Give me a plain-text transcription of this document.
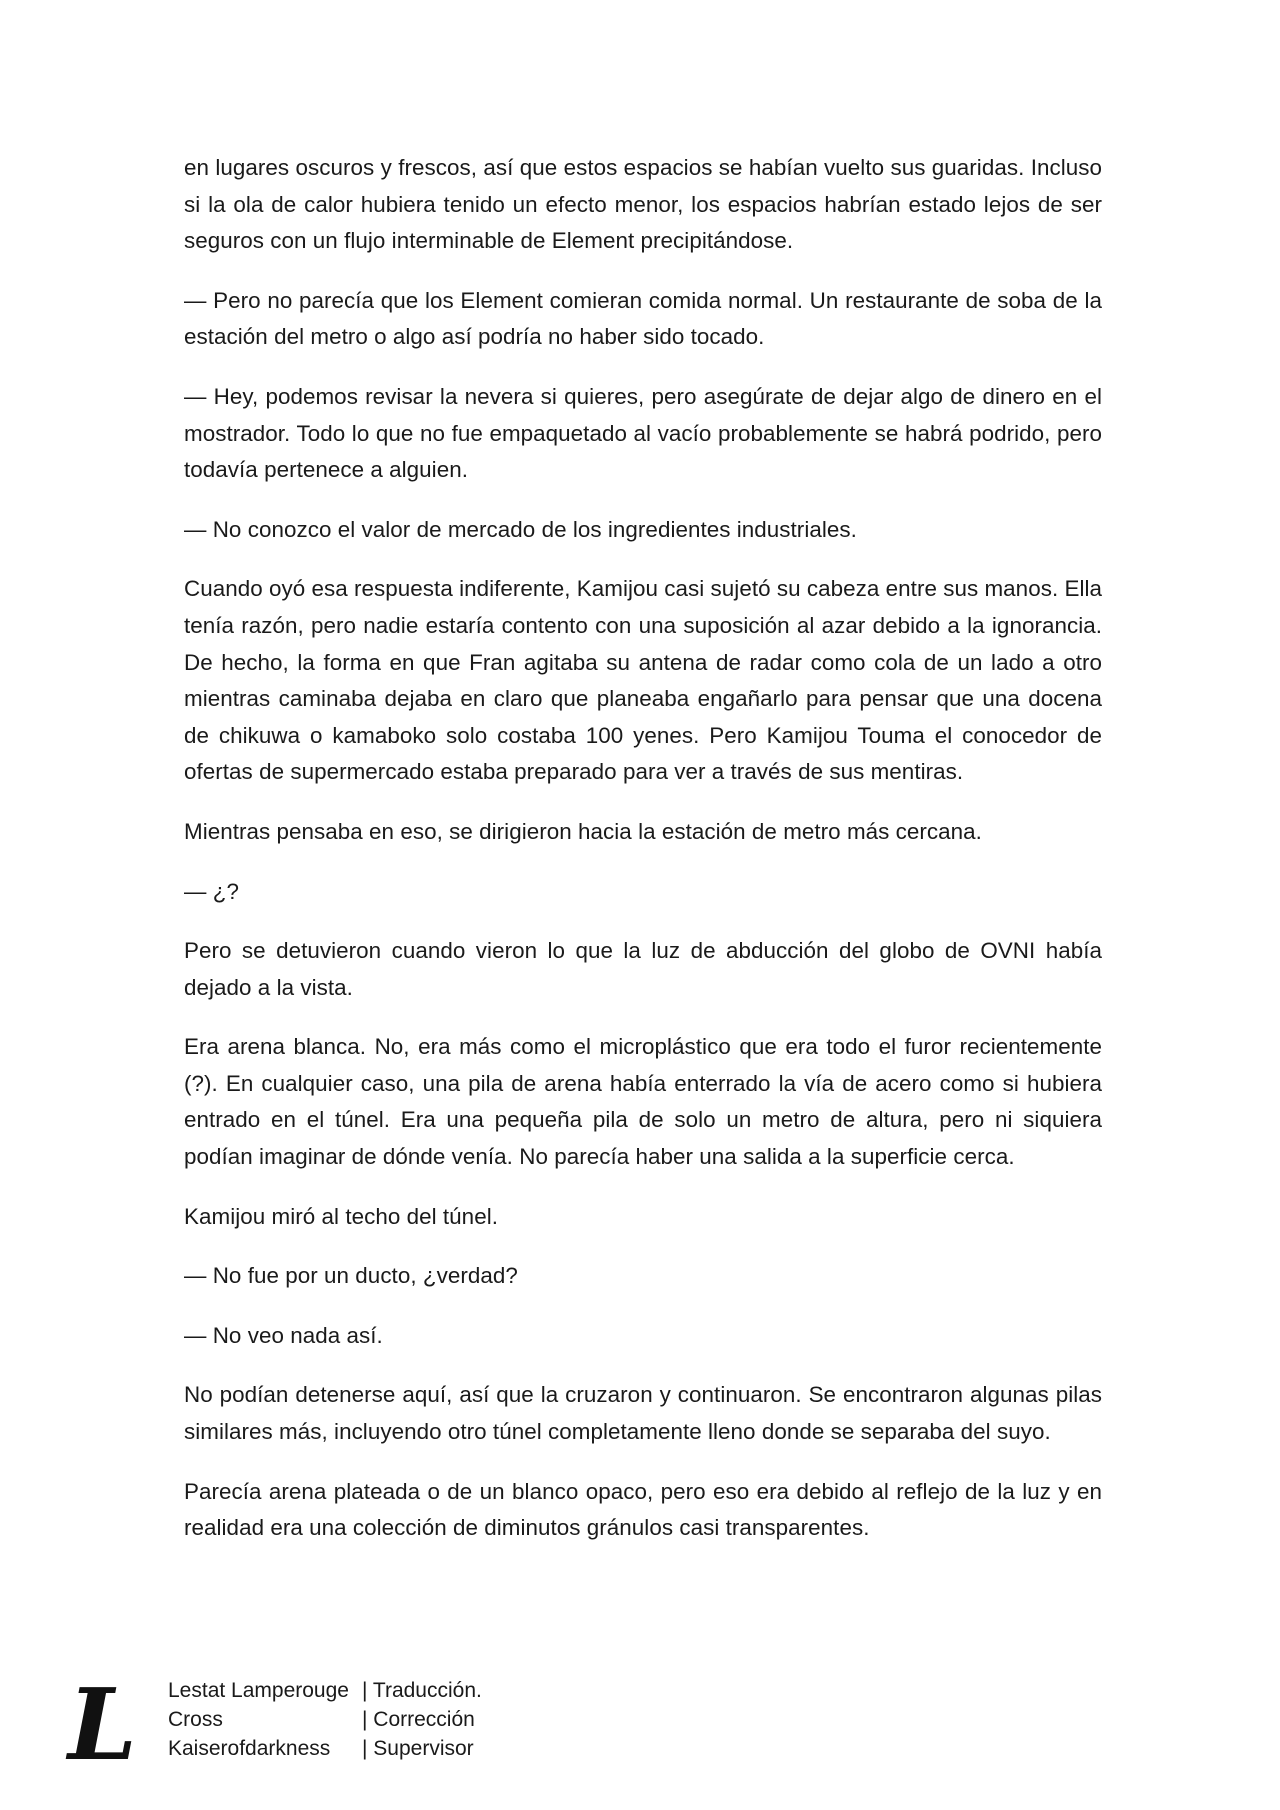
en lugares oscuros y frescos, así que estos espacios se habían vuelto sus guaridas. Incluso si la ola de calor hubiera tenido un efecto menor, los espacios habrían estado lejos de ser seguros con un flujo interminable de Element precipitándose.

— Pero no parecía que los Element comieran comida normal. Un restaurante de soba de la estación del metro o algo así podría no haber sido tocado.

— Hey, podemos revisar la nevera si quieres, pero asegúrate de dejar algo de dinero en el mostrador. Todo lo que no fue empaquetado al vacío probablemente se habrá podrido, pero todavía pertenece a alguien.

— No conozco el valor de mercado de los ingredientes industriales.

Cuando oyó esa respuesta indiferente, Kamijou casi sujetó su cabeza entre sus manos. Ella tenía razón, pero nadie estaría contento con una suposición al azar debido a la ignorancia. De hecho, la forma en que Fran agitaba su antena de radar como cola de un lado a otro mientras caminaba dejaba en claro que planeaba engañarlo para pensar que una docena de chikuwa o kamaboko solo costaba 100 yenes. Pero Kamijou Touma el conocedor de ofertas de supermercado estaba preparado para ver a través de sus mentiras.

Mientras pensaba en eso, se dirigieron hacia la estación de metro más cercana.

— ¿?

Pero se detuvieron cuando vieron lo que la luz de abducción del globo de OVNI había dejado a la vista.

Era arena blanca. No, era más como el microplástico que era todo el furor recientemente (?). En cualquier caso, una pila de arena había enterrado la vía de acero como si hubiera entrado en el túnel. Era una pequeña pila de solo un metro de altura, pero ni siquiera podían imaginar de dónde venía. No parecía haber una salida a la superficie cerca.

Kamijou miró al techo del túnel.

— No fue por un ducto, ¿verdad?

— No veo nada así.

No podían detenerse aquí, así que la cruzaron y continuaron. Se encontraron algunas pilas similares más, incluyendo otro túnel completamente lleno donde se separaba del suyo.

Parecía arena plateada o de un blanco opaco, pero eso era debido al reflejo de la luz y en realidad era una colección de diminutos gránulos casi transparentes.

L Lestat Lamperouge | Traducción.
Cross	| Corrección
Kaiserofdarkness	| Supervisor
